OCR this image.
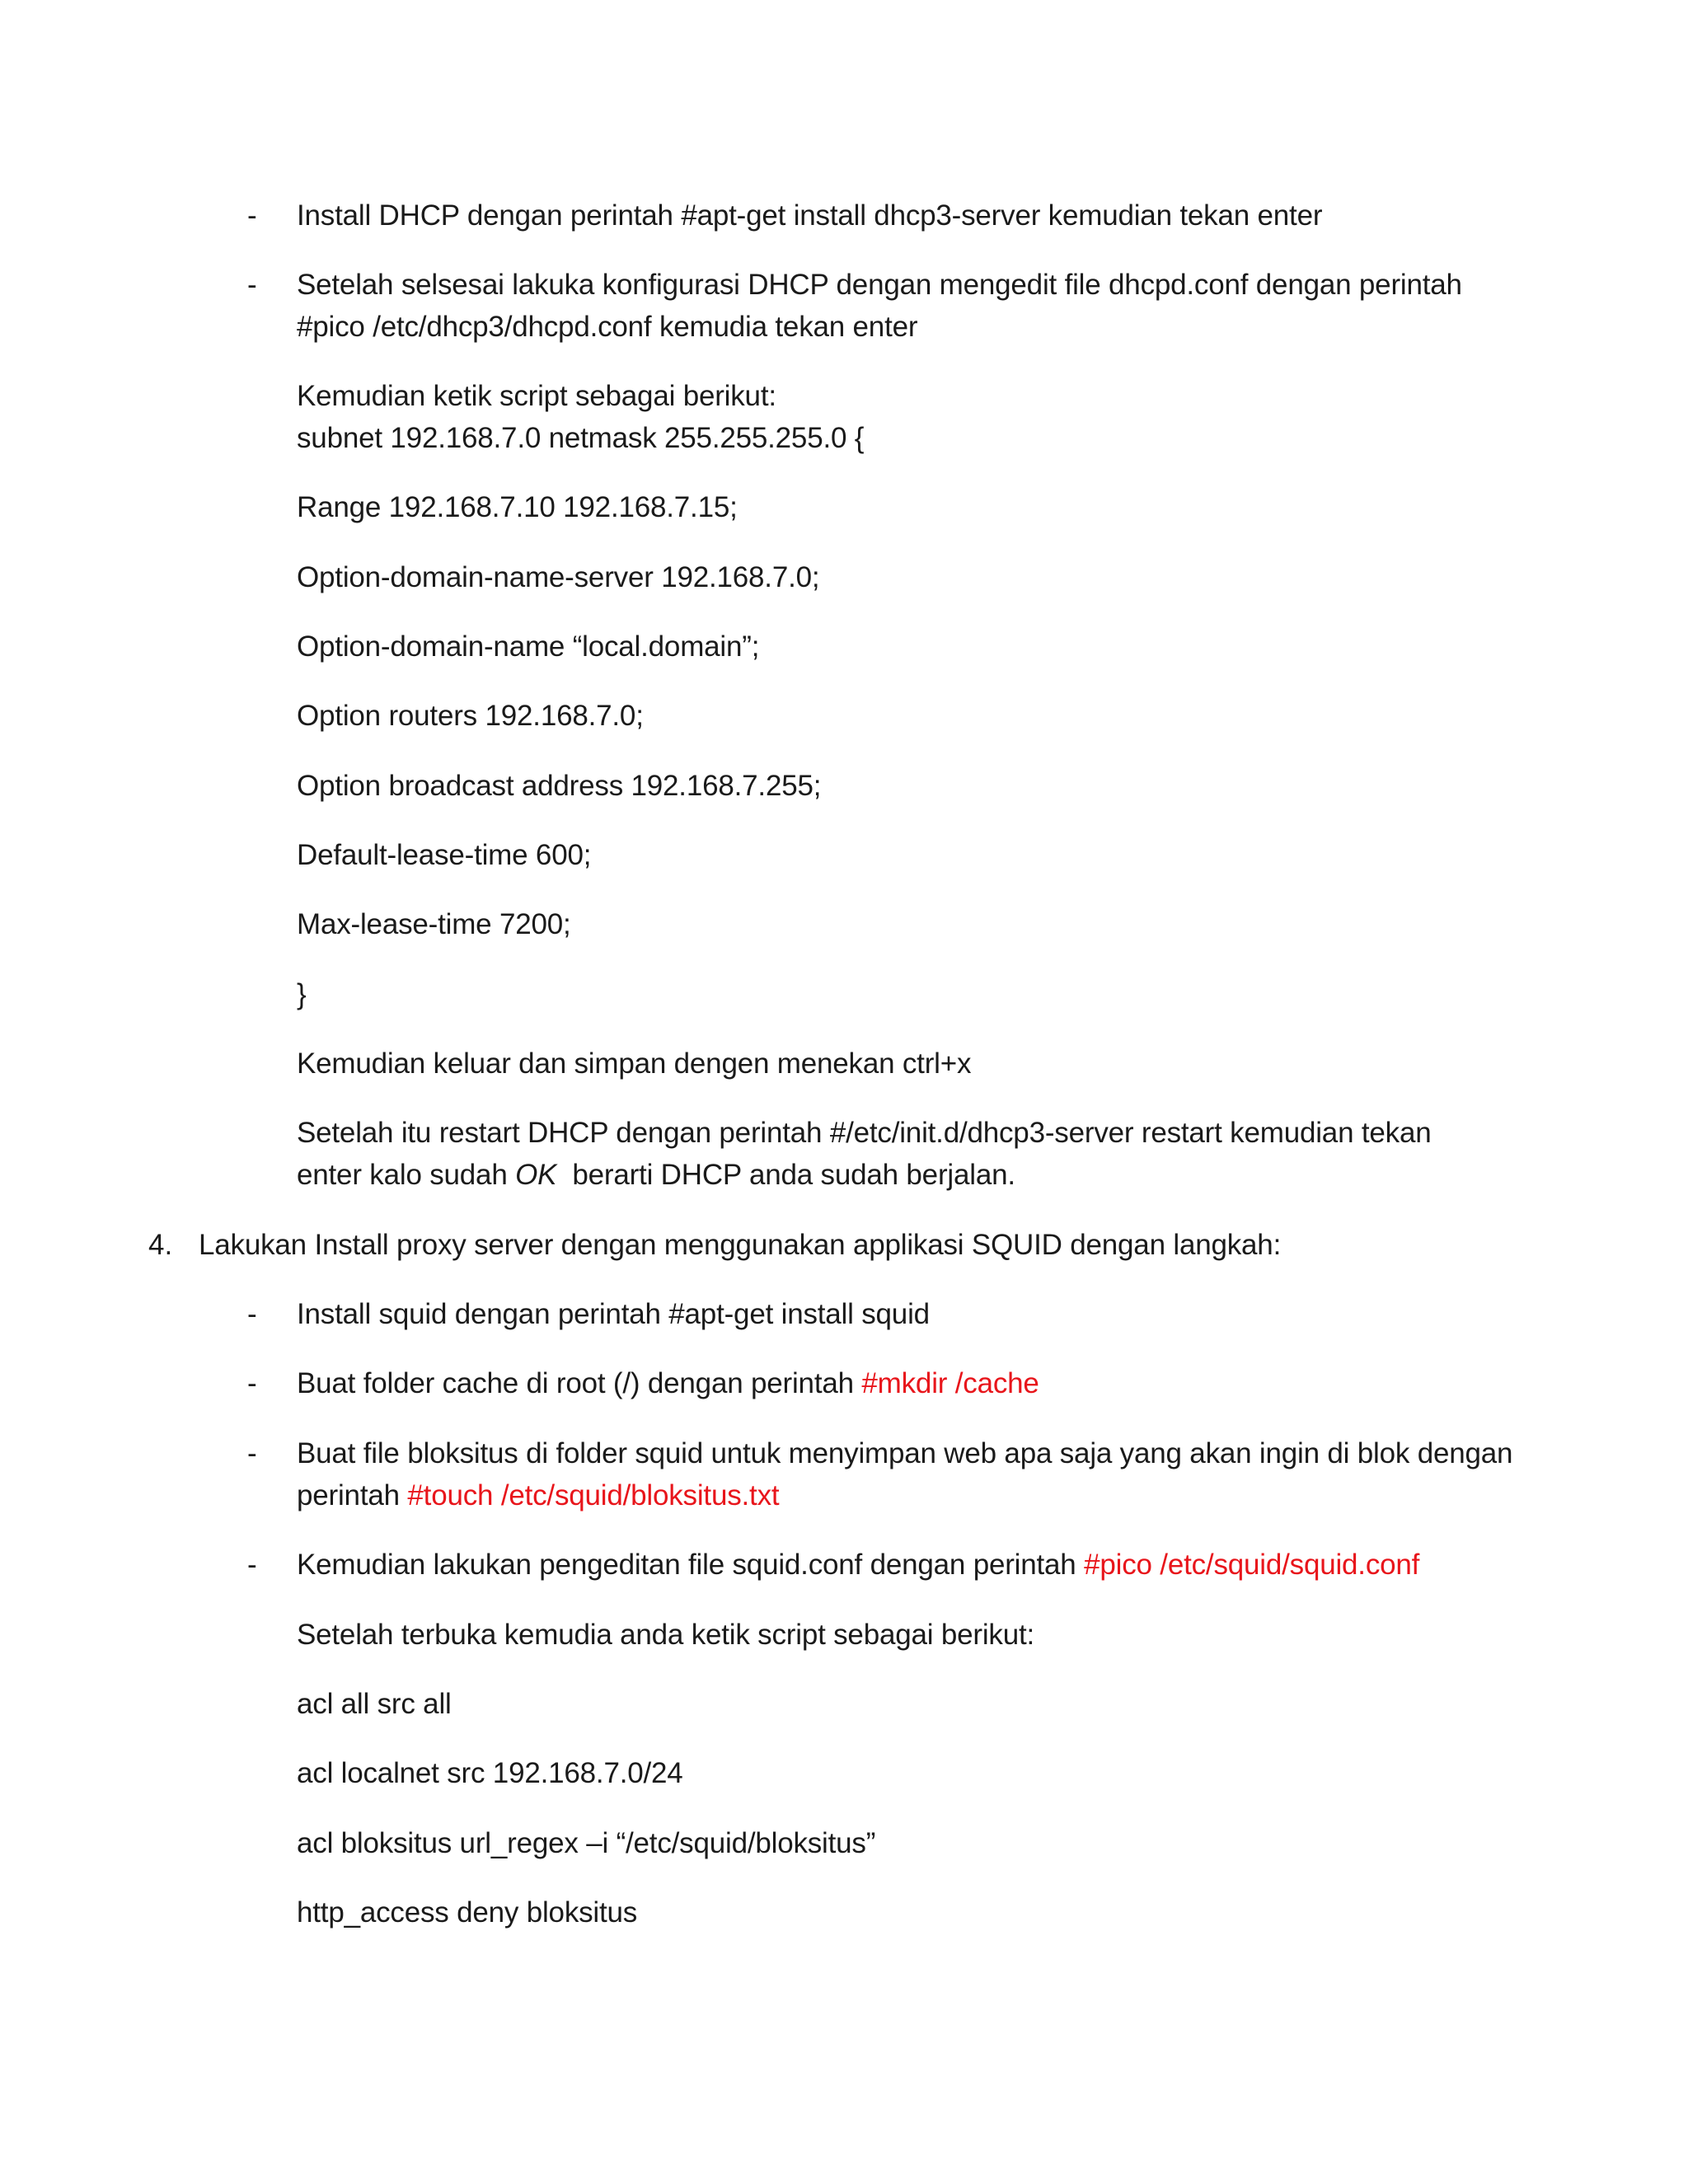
- Install DHCP dengan perintah #apt-get install dhcp3-server kemudian tekan enter
- Setelah selsesai lakuka konfigurasi DHCP dengan mengedit file dhcpd.conf dengan perintah
#pico /etc/dhcp3/dhcpd.conf kemudia tekan enter
Kemudian ketik script sebagai berikut:
subnet 192.168.7.0 netmask 255.255.255.0 {
Range 192.168.7.10 192.168.7.15;
Option-domain-name-server 192.168.7.0;
Option-domain-name “local.domain”;
Option routers 192.168.7.0;
Option broadcast address 192.168.7.255;
Default-lease-time 600;
Max-lease-time 7200;
}
Kemudian keluar dan simpan dengen menekan ctrl+x
Setelah itu restart DHCP dengan perintah #/etc/init.d/dhcp3-server restart kemudian tekan
enter kalo sudah OK  berarti DHCP anda sudah berjalan.
4. Lakukan Install proxy server dengan menggunakan applikasi SQUID dengan langkah:
- Install squid dengan perintah #apt-get install squid
- Buat folder cache di root (/) dengan perintah #mkdir /cache
- Buat file bloksitus di folder squid untuk menyimpan web apa saja yang akan ingin di blok dengan
perintah #touch /etc/squid/bloksitus.txt
- Kemudian lakukan pengeditan file squid.conf dengan perintah #pico /etc/squid/squid.conf
Setelah terbuka kemudia anda ketik script sebagai berikut:
acl all src all
acl localnet src 192.168.7.0/24
acl bloksitus url_regex –i “/etc/squid/bloksitus”
http_access deny bloksitus
